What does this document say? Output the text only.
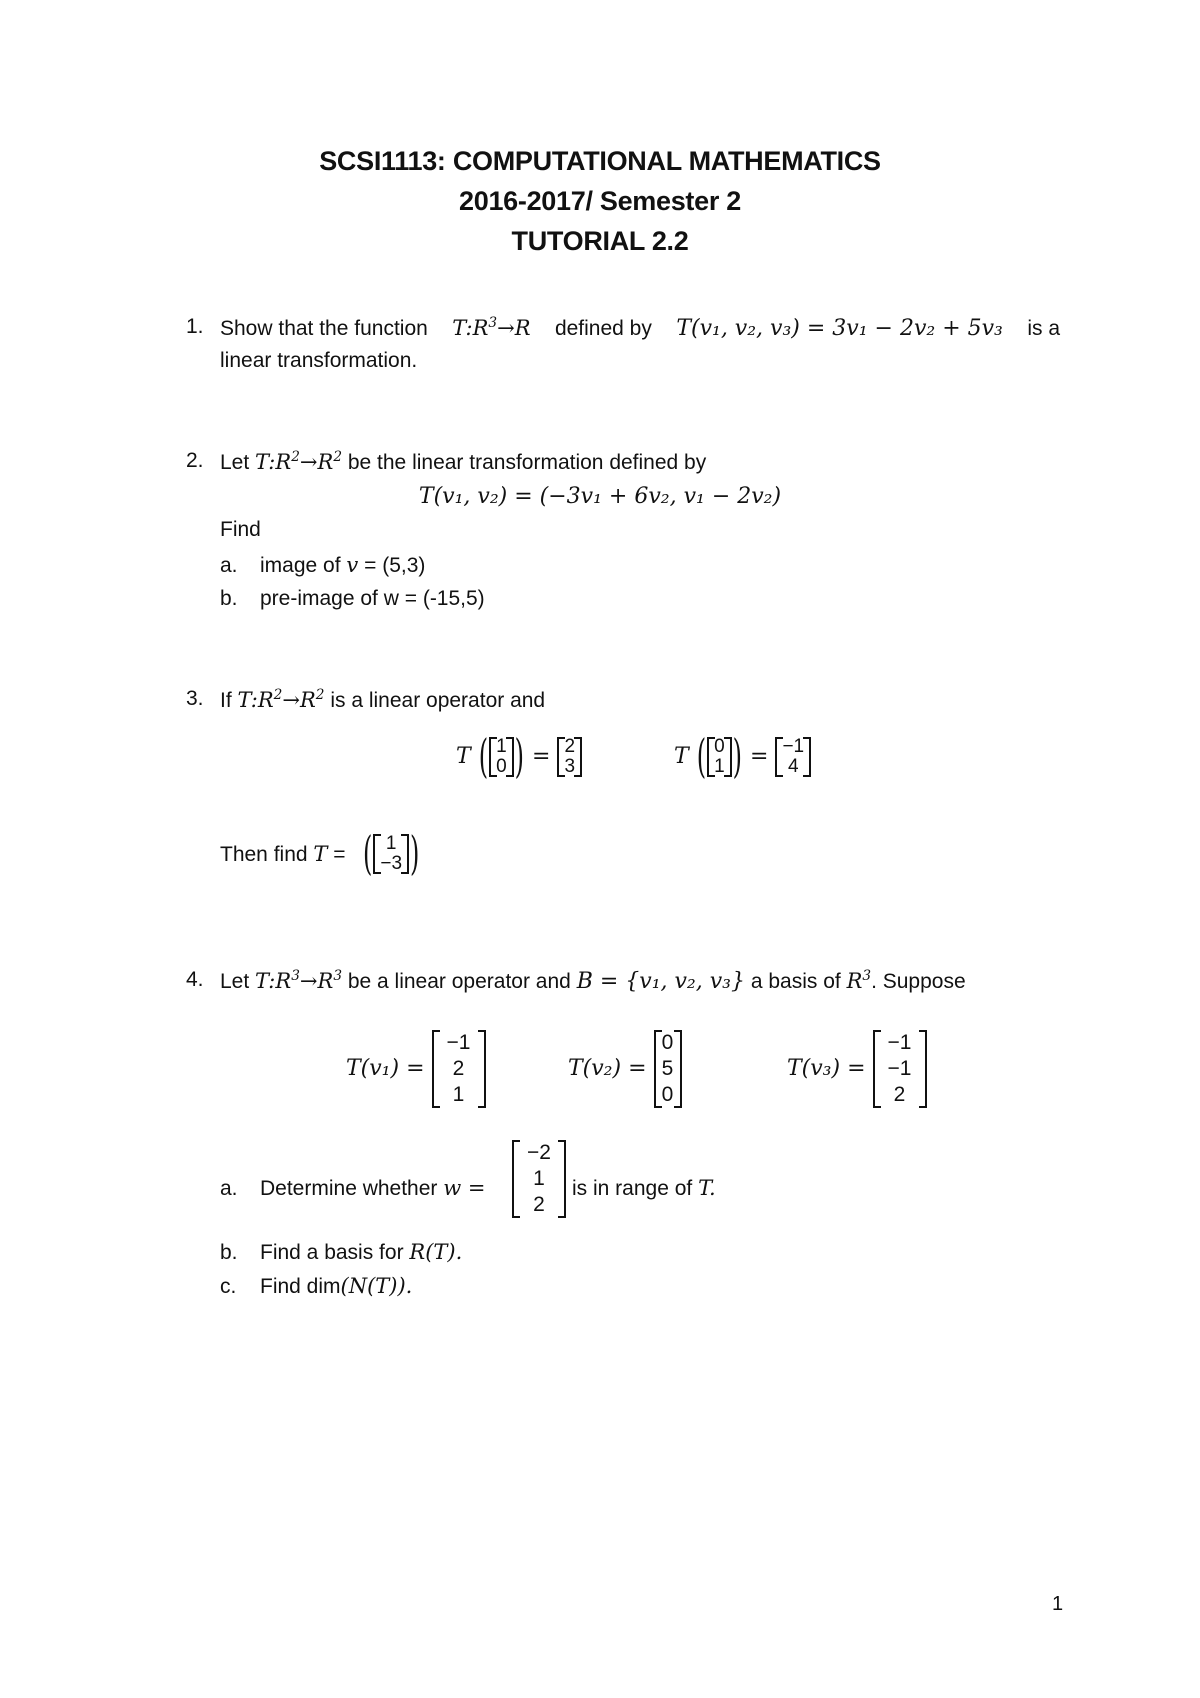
SCSI1113: COMPUTATIONAL MATHEMATICS
2016-2017/ Semester 2
TUTORIAL 2.2
1. Show that the function $T:R^3\to R$ defined by T(v₁, v₂, v₃) = 3v₁ − 2v₂ + 5v₃ is a
linear transformation.
2. Let $T:R^2\to R^2$ be the linear transformation defined by
T(v₁, v₂) = (−3v₁ + 6v₂, v₁ − 2v₂)
Find
a. image of v = (5,3)
b. pre-image of w = (-15,5)
3. If $T:R^2\to R^2$ is a linear operator and
T ( 1
0 ) = 2
3	T ( 0
1 ) = −1
4
Then find T = ( 1
−3 )
4. Let $T:R^3\to R^3$ be a linear operator and B = {v₁, v₂, v₃} a basis of $R^3$. Suppose
T(v₁) =
−1
2
1
T(v₂) =
0
5
0
T(v₃) =
−1
−1
2
a. Determine whether w =
−2
1
2
is in range of T.
b. Find a basis for R(T).
c. Find dim(N(T)).
1
